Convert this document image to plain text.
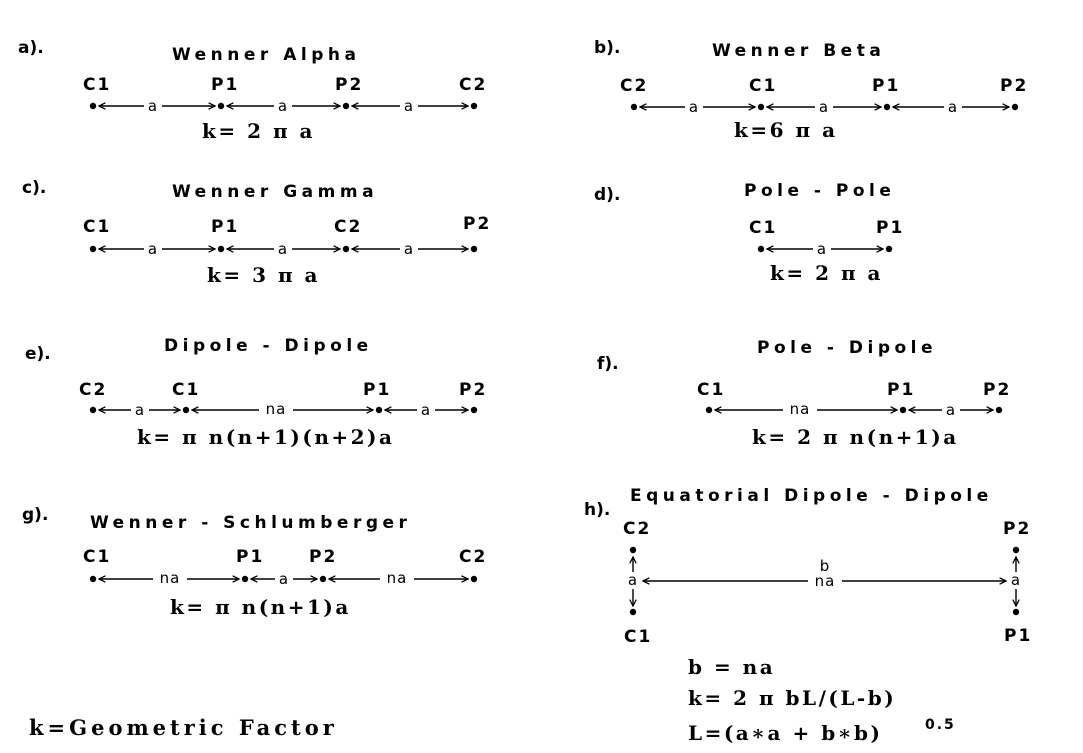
a).	Wenner Alpha
C1	P1	P2	C2
a	a	a
k= 2 π a
b).	Wenner Beta
C2	C1	P1	P2
a	a	a
k=6 π a
c).	Wenner Gamma
C1	P1	C2	P2
a	a	a
k= 3 π a
d).	Pole - Pole
C1	P1
a
k= 2 π a
e).	Dipole - Dipole
C2	C1	P1	P2
a	na	a
k= π n(n+1)(n+2)a
f).
Pole - Dipole
C1	P1	P2
na	a
k= 2 π n(n+1)a
g). Wenner - Schlumberger
C1	P1	P2	C2
na	a	na
k= π n(n+1)a
h).
Equatorial Dipole - Dipole
C2	P2
C1	P1
a	a
b
na
b = na
k= 2 π bL/(L-b)
L=(a∗a + b∗b)	0.5
k=Geometric Factor
